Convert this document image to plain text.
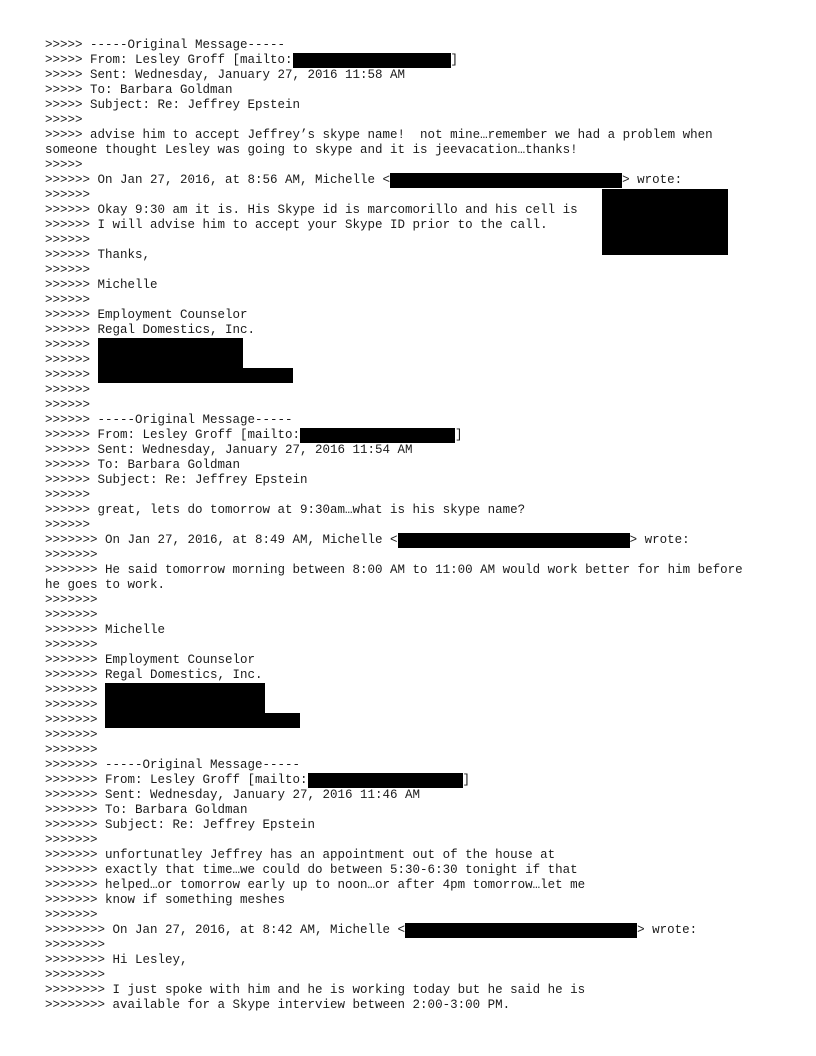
>>>>> -----Original Message-----
>>>>> From: Lesley Groff [mailto:	]
>>>>> Sent: Wednesday, January 27, 2016 11:58 AM
>>>>> To: Barbara Goldman
>>>>> Subject: Re: Jeffrey Epstein
>>>>>
>>>>> advise him to accept Jeffrey’s skype name!  not mine…remember we had a problem when
someone thought Lesley was going to skype and it is jeevacation…thanks!
>>>>>
>>>>>> On Jan 27, 2016, at 8:56 AM, Michelle <	> wrote:
>>>>>>
>>>>>> Okay 9:30 am it is. His Skype id is marcomorillo and his cell is
>>>>>> I will advise him to accept your Skype ID prior to the call.
>>>>>>
>>>>>> Thanks,
>>>>>>
>>>>>> Michelle
>>>>>>
>>>>>> Employment Counselor
>>>>>> Regal Domestics, Inc.
>>>>>>
>>>>>>
>>>>>>
>>>>>>
>>>>>>
>>>>>> -----Original Message-----
>>>>>> From: Lesley Groff [mailto:	]
>>>>>> Sent: Wednesday, January 27, 2016 11:54 AM
>>>>>> To: Barbara Goldman
>>>>>> Subject: Re: Jeffrey Epstein
>>>>>>
>>>>>> great, lets do tomorrow at 9:30am…what is his skype name?
>>>>>>
>>>>>>> On Jan 27, 2016, at 8:49 AM, Michelle <	> wrote:
>>>>>>>
>>>>>>> He said tomorrow morning between 8:00 AM to 11:00 AM would work better for him before
he goes to work.
>>>>>>>
>>>>>>>
>>>>>>> Michelle
>>>>>>>
>>>>>>> Employment Counselor
>>>>>>> Regal Domestics, Inc.
>>>>>>>
>>>>>>>
>>>>>>>
>>>>>>>
>>>>>>>
>>>>>>> -----Original Message-----
>>>>>>> From: Lesley Groff [mailto:	]
>>>>>>> Sent: Wednesday, January 27, 2016 11:46 AM
>>>>>>> To: Barbara Goldman
>>>>>>> Subject: Re: Jeffrey Epstein
>>>>>>>
>>>>>>> unfortunatley Jeffrey has an appointment out of the house at
>>>>>>> exactly that time…we could do between 5:30-6:30 tonight if that
>>>>>>> helped…or tomorrow early up to noon…or after 4pm tomorrow…let me
>>>>>>> know if something meshes
>>>>>>>
>>>>>>>> On Jan 27, 2016, at 8:42 AM, Michelle <	> wrote:
>>>>>>>>
>>>>>>>> Hi Lesley,
>>>>>>>>
>>>>>>>> I just spoke with him and he is working today but he said he is
>>>>>>>> available for a Skype interview between 2:00-3:00 PM.
